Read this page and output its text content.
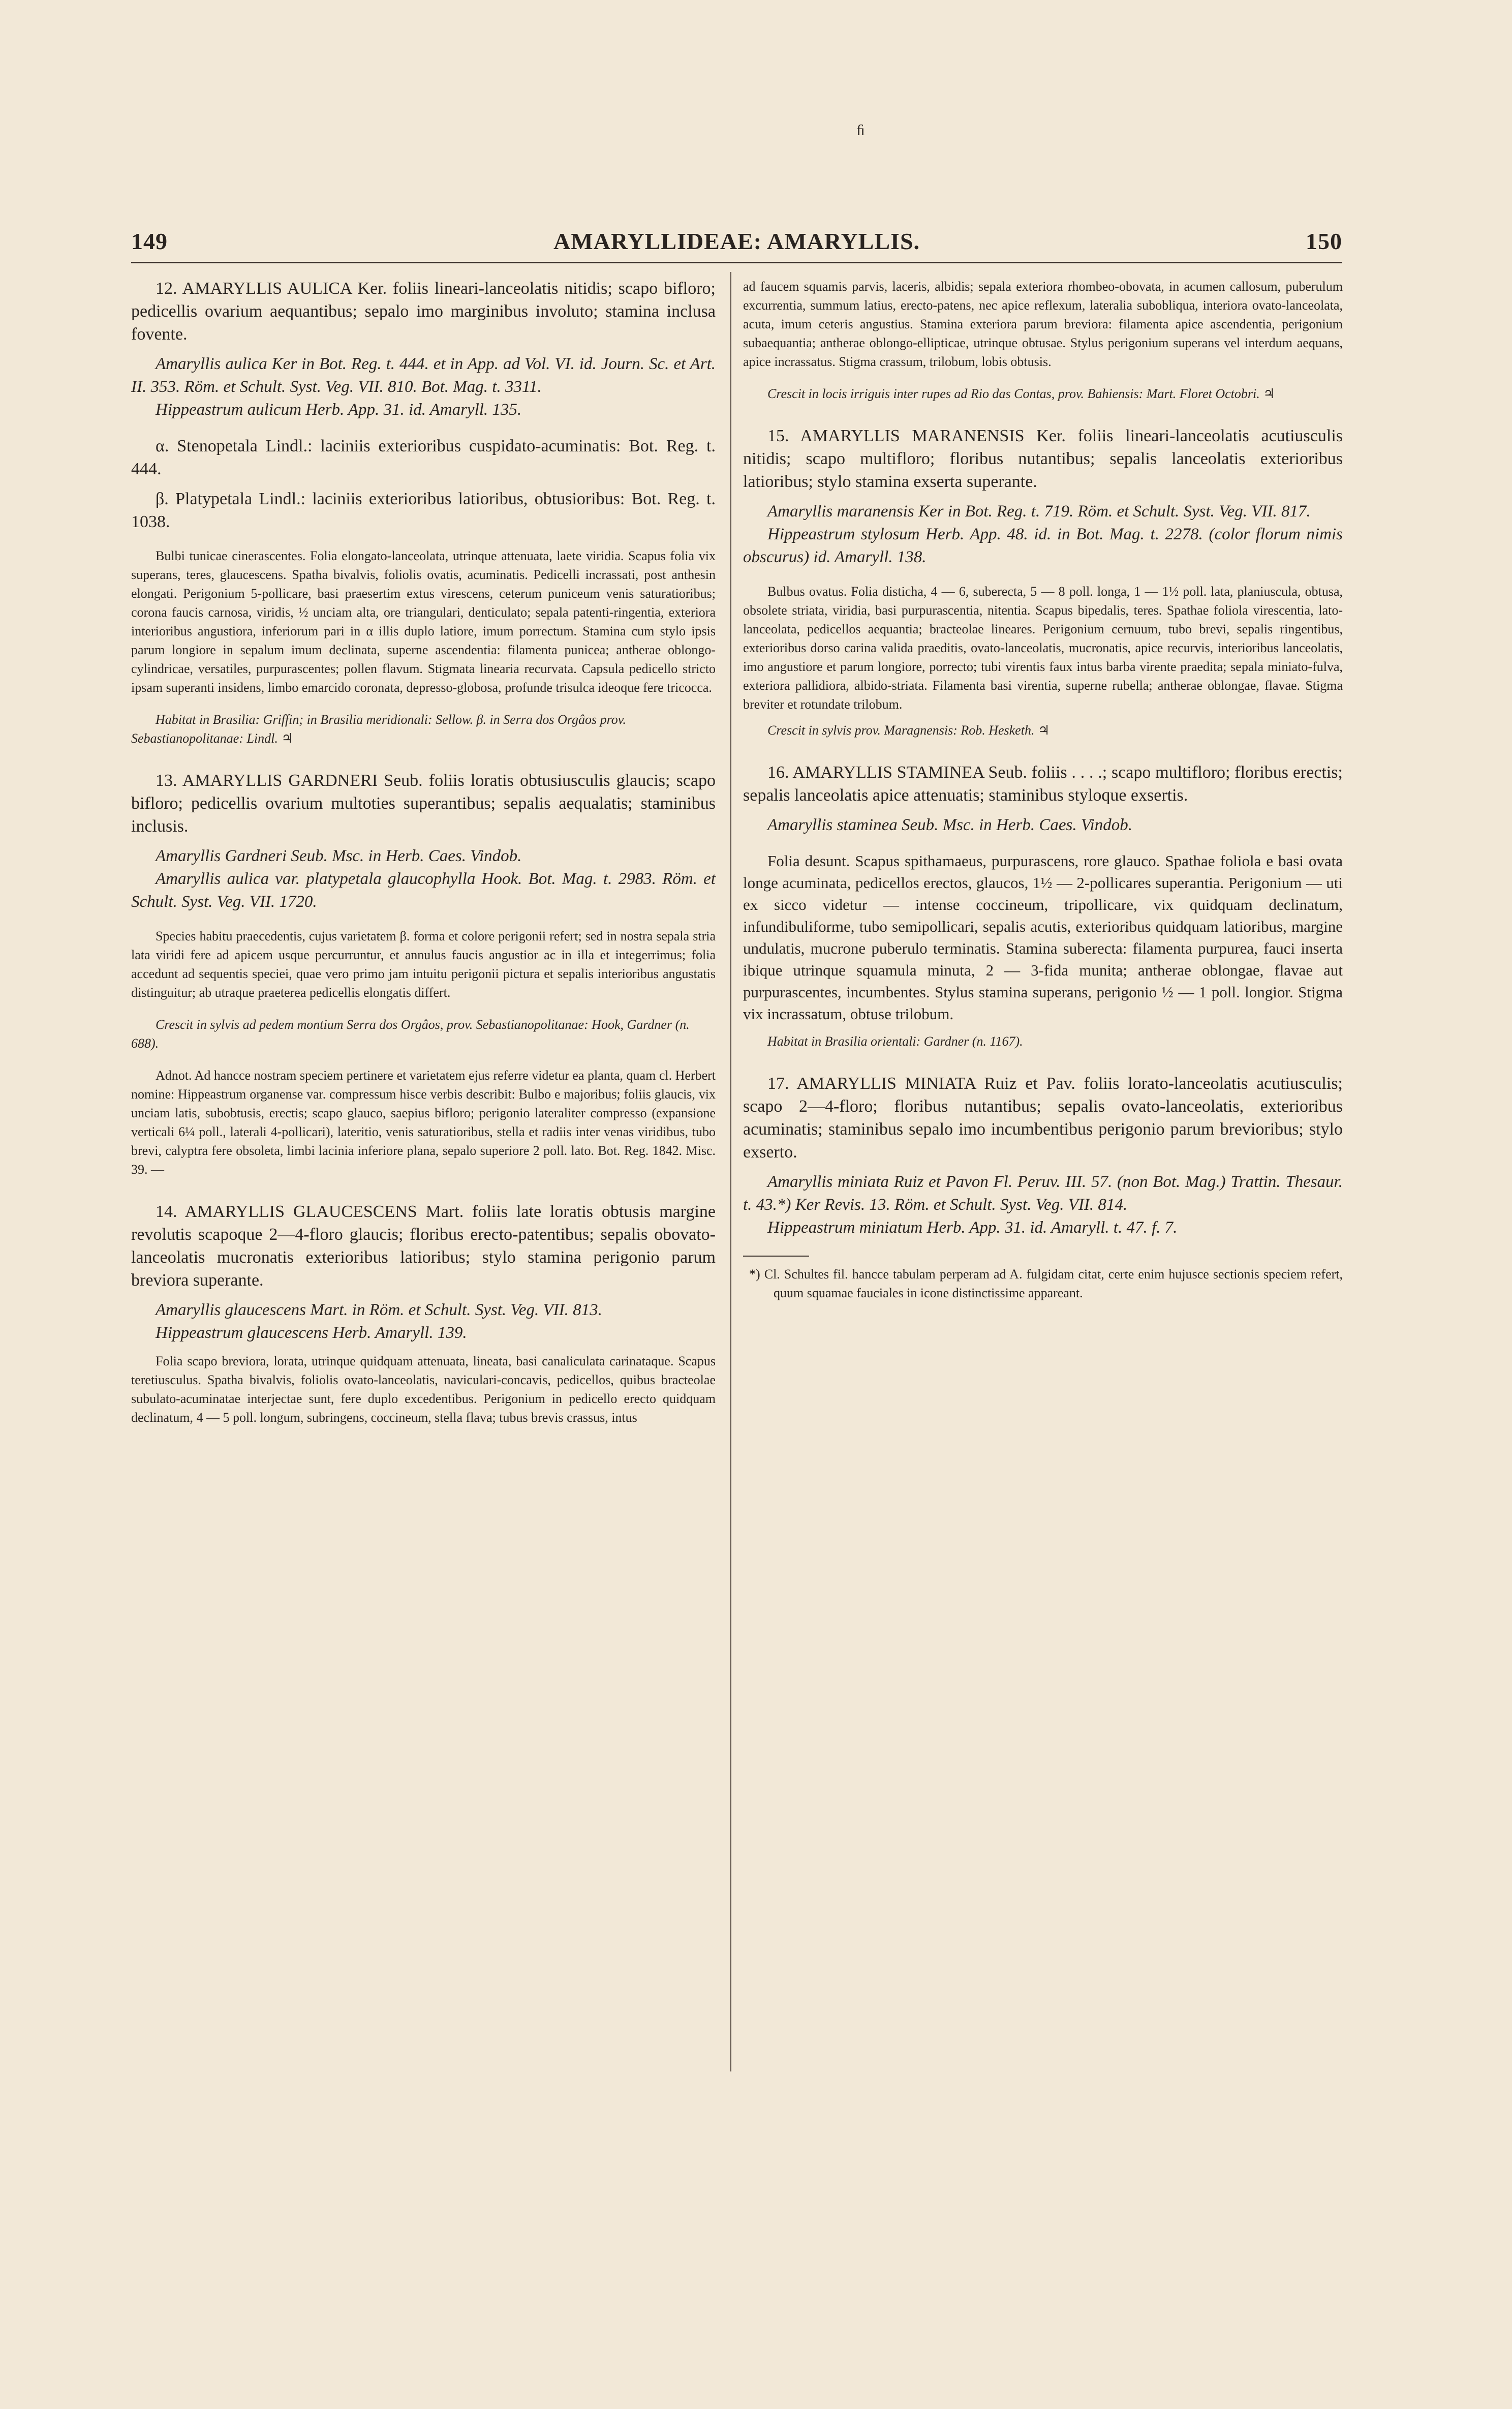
ﬁ
149	AMARYLLIDEAE: AMARYLLIS.	150

12. AMARYLLIS AULICA Ker. foliis lineari-lanceolatis nitidis; scapo bifloro; pedicellis ovarium aequantibus; sepalo imo marginibus involuto; stamina inclusa fovente.

Amaryllis aulica Ker in Bot. Reg. t. 444. et in App. ad Vol. VI. id. Journ. Sc. et Art. II. 353. Röm. et Schult. Syst. Veg. VII. 810. Bot. Mag. t. 3311.

Hippeastrum aulicum Herb. App. 31. id. Amaryll. 135.

α. Stenopetala Lindl.: laciniis exterioribus cuspidato-acuminatis: Bot. Reg. t. 444.

β. Platypetala Lindl.: laciniis exterioribus latioribus, obtusioribus: Bot. Reg. t. 1038.

Bulbi tunicae cinerascentes. Folia elongato-lanceolata, utrinque attenuata, laete viridia. Scapus folia vix superans, teres, glaucescens. Spatha bivalvis, foliolis ovatis, acuminatis. Pedicelli incrassati, post anthesin elongati. Perigonium 5-pollicare, basi praesertim extus virescens, ceterum puniceum venis saturatioribus; corona faucis carnosa, viridis, ½ unciam alta, ore triangulari, denticulato; sepala patenti-ringentia, exteriora interioribus angustiora, inferiorum pari in α illis duplo latiore, imum porrectum. Stamina cum stylo ipsis parum longiore in sepalum imum declinata, superne ascendentia: filamenta punicea; antherae oblongo-cylindricae, versatiles, purpurascentes; pollen flavum. Stigmata linearia recurvata. Capsula pedicello stricto ipsam superanti insidens, limbo emarcido coronata, depresso-globosa, profunde trisulca ideoque fere tricocca.

Habitat in Brasilia: Griffin; in Brasilia meridionali: Sellow. β. in Serra dos Orgâos prov. Sebastianopolitanae: Lindl. ♃

13. AMARYLLIS GARDNERI Seub. foliis loratis obtusiusculis glaucis; scapo bifloro; pedicellis ovarium multoties superantibus; sepalis aequalatis; staminibus inclusis.

Amaryllis Gardneri Seub. Msc. in Herb. Caes. Vindob.

Amaryllis aulica var. platypetala glaucophylla Hook. Bot. Mag. t. 2983. Röm. et Schult. Syst. Veg. VII. 1720.

Species habitu praecedentis, cujus varietatem β. forma et colore perigonii refert; sed in nostra sepala stria lata viridi fere ad apicem usque percurruntur, et annulus faucis angustior ac in illa et integerrimus; folia accedunt ad sequentis speciei, quae vero primo jam intuitu perigonii pictura et sepalis interioribus angustatis distinguitur; ab utraque praeterea pedicellis elongatis differt.

Crescit in sylvis ad pedem montium Serra dos Orgâos, prov. Sebastianopolitanae: Hook, Gardner (n. 688).

Adnot. Ad hancce nostram speciem pertinere et varietatem ejus referre videtur ea planta, quam cl. Herbert nomine: Hippeastrum organense var. compressum hisce verbis describit: Bulbo e majoribus; foliis glaucis, vix unciam latis, subobtusis, erectis; scapo glauco, saepius bifloro; perigonio lateraliter compresso (expansione verticali 6¼ poll., laterali 4-pollicari), lateritio, venis saturatioribus, stella et radiis inter venas viridibus, tubo brevi, calyptra fere obsoleta, limbi lacinia inferiore plana, sepalo superiore 2 poll. lato. Bot. Reg. 1842. Misc. 39. —

14. AMARYLLIS GLAUCESCENS Mart. foliis late loratis obtusis margine revolutis scapoque 2—4-floro glaucis; floribus erecto-patentibus; sepalis obovato-lanceolatis mucronatis exterioribus latioribus; stylo stamina perigonio parum breviora superante.

Amaryllis glaucescens Mart. in Röm. et Schult. Syst. Veg. VII. 813.

Hippeastrum glaucescens Herb. Amaryll. 139.

Folia scapo breviora, lorata, utrinque quidquam attenuata, lineata, basi canaliculata carinataque. Scapus teretiusculus. Spatha bivalvis, foliolis ovato-lanceolatis, naviculari-concavis, pedicellos, quibus bracteolae subulato-acuminatae interjectae sunt, fere duplo excedentibus. Perigonium in pedicello erecto quidquam declinatum, 4 — 5 poll. longum, subringens, coccineum, stella flava; tubus brevis crassus, intus

ad faucem squamis parvis, laceris, albidis; sepala exteriora rhombeo-obovata, in acumen callosum, puberulum excurrentia, summum latius, erecto-patens, nec apice reflexum, lateralia subobliqua, interiora ovato-lanceolata, acuta, imum ceteris angustius. Stamina exteriora parum breviora: filamenta apice ascendentia, perigonium subaequantia; antherae oblongo-ellipticae, utrinque obtusae. Stylus perigonium superans vel interdum aequans, apice incrassatus. Stigma crassum, trilobum, lobis obtusis.

Crescit in locis irriguis inter rupes ad Rio das Contas, prov. Bahiensis: Mart. Floret Octobri. ♃

15. AMARYLLIS MARANENSIS Ker. foliis lineari-lanceolatis acutiusculis nitidis; scapo multifloro; floribus nutantibus; sepalis lanceolatis exterioribus latioribus; stylo stamina exserta superante.

Amaryllis maranensis Ker in Bot. Reg. t. 719. Röm. et Schult. Syst. Veg. VII. 817.

Hippeastrum stylosum Herb. App. 48. id. in Bot. Mag. t. 2278. (color florum nimis obscurus) id. Amaryll. 138.

Bulbus ovatus. Folia disticha, 4 — 6, suberecta, 5 — 8 poll. longa, 1 — 1½ poll. lata, planiuscula, obtusa, obsolete striata, viridia, basi purpurascentia, nitentia. Scapus bipedalis, teres. Spathae foliola virescentia, lato-lanceolata, pedicellos aequantia; bracteolae lineares. Perigonium cernuum, tubo brevi, sepalis ringentibus, exterioribus dorso carina valida praeditis, ovato-lanceolatis, mucronatis, apice recurvis, interioribus lanceolatis, imo angustiore et parum longiore, porrecto; tubi virentis faux intus barba virente praedita; sepala miniato-fulva, exteriora pallidiora, albido-striata. Filamenta basi virentia, superne rubella; antherae oblongae, flavae. Stigma breviter et rotundate trilobum.

Crescit in sylvis prov. Maragnensis: Rob. Hesketh. ♃

16. AMARYLLIS STAMINEA Seub. foliis . . . .; scapo multifloro; floribus erectis; sepalis lanceolatis apice attenuatis; staminibus styloque exsertis.

Amaryllis staminea Seub. Msc. in Herb. Caes. Vindob.

Folia desunt. Scapus spithamaeus, purpurascens, rore glauco. Spathae foliola e basi ovata longe acuminata, pedicellos erectos, glaucos, 1½ — 2-pollicares superantia. Perigonium — uti ex sicco videtur — intense coccineum, tripollicare, vix quidquam declinatum, infundibuliforme, tubo semipollicari, sepalis acutis, exterioribus quidquam latioribus, margine undulatis, mucrone puberulo terminatis. Stamina suberecta: filamenta purpurea, fauci inserta ibique utrinque squamula minuta, 2 — 3-fida munita; antherae oblongae, flavae aut purpurascentes, incumbentes. Stylus stamina superans, perigonio ½ — 1 poll. longior. Stigma vix incrassatum, obtuse trilobum.

Habitat in Brasilia orientali: Gardner (n. 1167).

17. AMARYLLIS MINIATA Ruiz et Pav. foliis lorato-lanceolatis acutiusculis; scapo 2—4-floro; floribus nutantibus; sepalis ovato-lanceolatis, exterioribus acuminatis; staminibus sepalo imo incumbentibus perigonio parum brevioribus; stylo exserto.

Amaryllis miniata Ruiz et Pavon Fl. Peruv. III. 57. (non Bot. Mag.) Trattin. Thesaur. t. 43.*) Ker Revis. 13. Röm. et Schult. Syst. Veg. VII. 814.

Hippeastrum miniatum Herb. App. 31. id. Amaryll. t. 47. f. 7.

*) Cl. Schultes fil. hancce tabulam perperam ad A. fulgidam citat, certe enim hujusce sectionis speciem refert, quum squamae fauciales in icone distinctissime appareant.
